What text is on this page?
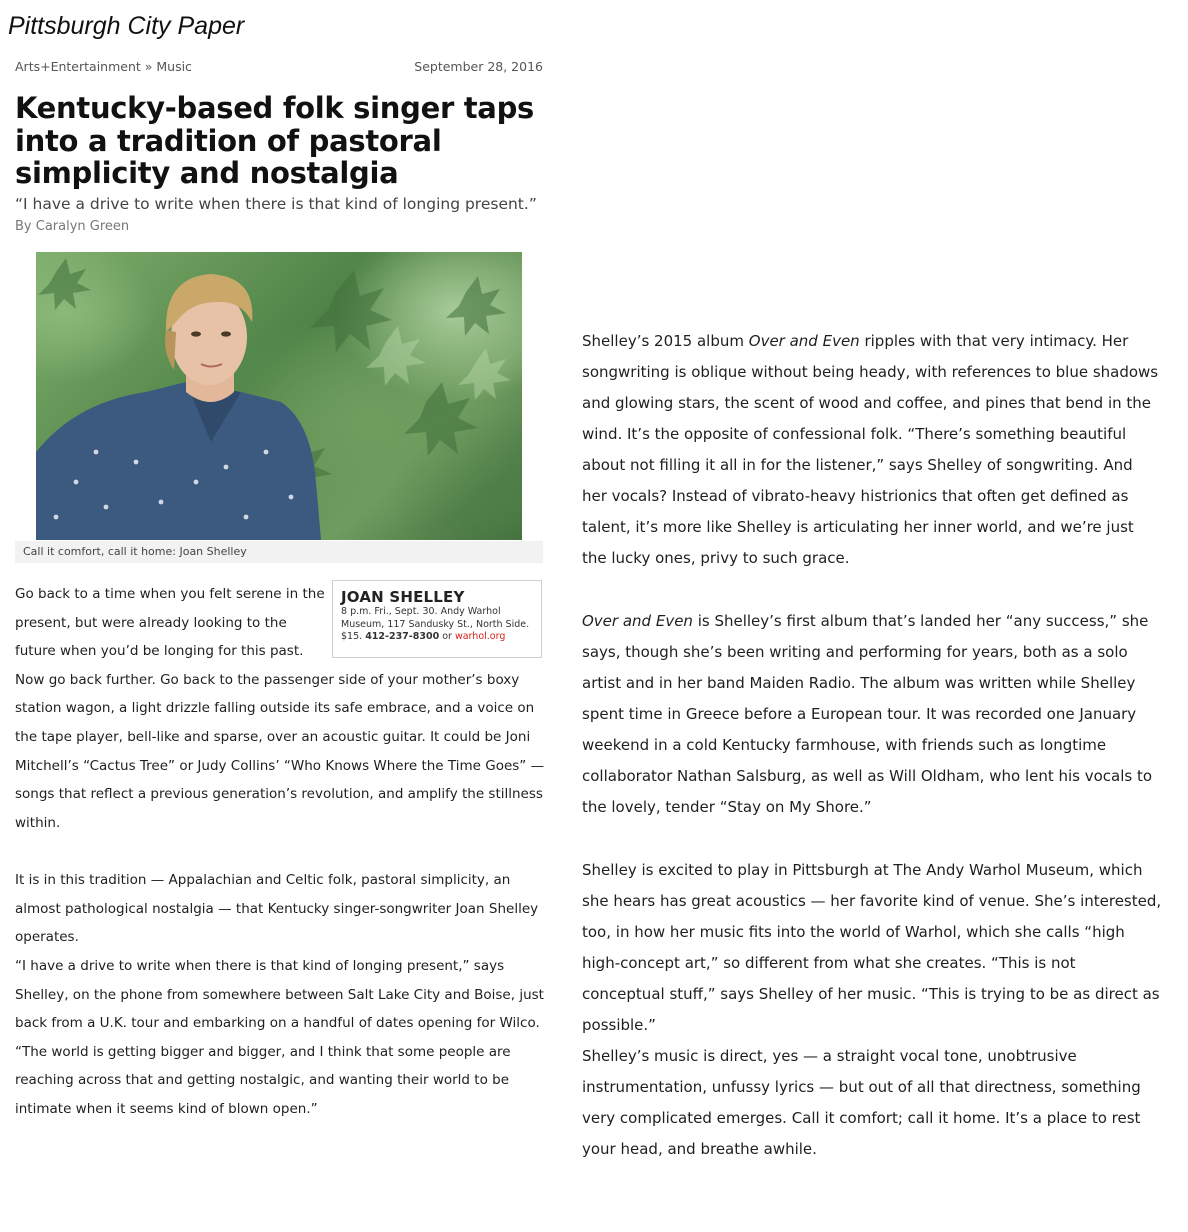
Pittsburgh City Paper
Arts+Entertainment » Music	September 28, 2016
Kentucky-based folk singer taps into a tradition of pastoral simplicity and nostalgia
“I have a drive to write when there is that kind of longing present.”
By Caralyn Green
Call it comfort, call it home: Joan Shelley
JOAN SHELLEY
8 p.m. Fri., Sept. 30. Andy Warhol
Museum, 117 Sandusky St., North Side.
$15. 412-237-8300 or warhol.org

Go back to a time when you felt serene in the present, but were already looking to the future when you’d be longing for this past.

Now go back further. Go back to the passenger side of your mother’s boxy station wagon, a light drizzle falling outside its safe embrace, and a voice on the tape player, bell-like and sparse, over an acoustic guitar. It could be Joni Mitchell’s “Cactus Tree” or Judy Collins’ “Who Knows Where the Time Goes” — songs that reflect a previous generation’s revolution, and amplify the stillness within.

It is in this tradition — Appalachian and Celtic folk, pastoral simplicity, an almost pathological nostalgia — that Kentucky singer-songwriter Joan Shelley operates.

“I have a drive to write when there is that kind of longing present,” says Shelley, on the phone from somewhere between Salt Lake City and Boise, just back from a U.K. tour and embarking on a handful of dates opening for Wilco. “The world is getting bigger and bigger, and I think that some people are reaching across that and getting nostalgic, and wanting their world to be intimate when it seems kind of blown open.”

Shelley’s 2015 album Over and Even ripples with that very intimacy. Her songwriting is oblique without being heady, with references to blue shadows and glowing stars, the scent of wood and coffee, and pines that bend in the wind. It’s the opposite of confessional folk. “There’s something beautiful about not filling it all in for the listener,” says Shelley of songwriting. And her vocals? Instead of vibrato-heavy histrionics that often get defined as talent, it’s more like Shelley is articulating her inner world, and we’re just the lucky ones, privy to such grace.

Over and Even is Shelley’s first album that’s landed her “any success,” she says, though she’s been writing and performing for years, both as a solo artist and in her band Maiden Radio. The album was written while Shelley spent time in Greece before a European tour. It was recorded one January weekend in a cold Kentucky farmhouse, with friends such as longtime collaborator Nathan Salsburg, as well as Will Oldham, who lent his vocals to the lovely, tender “Stay on My Shore.”

Shelley is excited to play in Pittsburgh at The Andy Warhol Museum, which she hears has great acoustics — her favorite kind of venue. She’s interested, too, in how her music fits into the world of Warhol, which she calls “high high-concept art,” so different from what she creates. “This is not conceptual stuff,” says Shelley of her music. “This is trying to be as direct as possible.”

Shelley’s music is direct, yes — a straight vocal tone, unobtrusive instrumentation, unfussy lyrics — but out of all that directness, something very complicated emerges. Call it comfort; call it home. It’s a place to rest your head, and breathe awhile.
